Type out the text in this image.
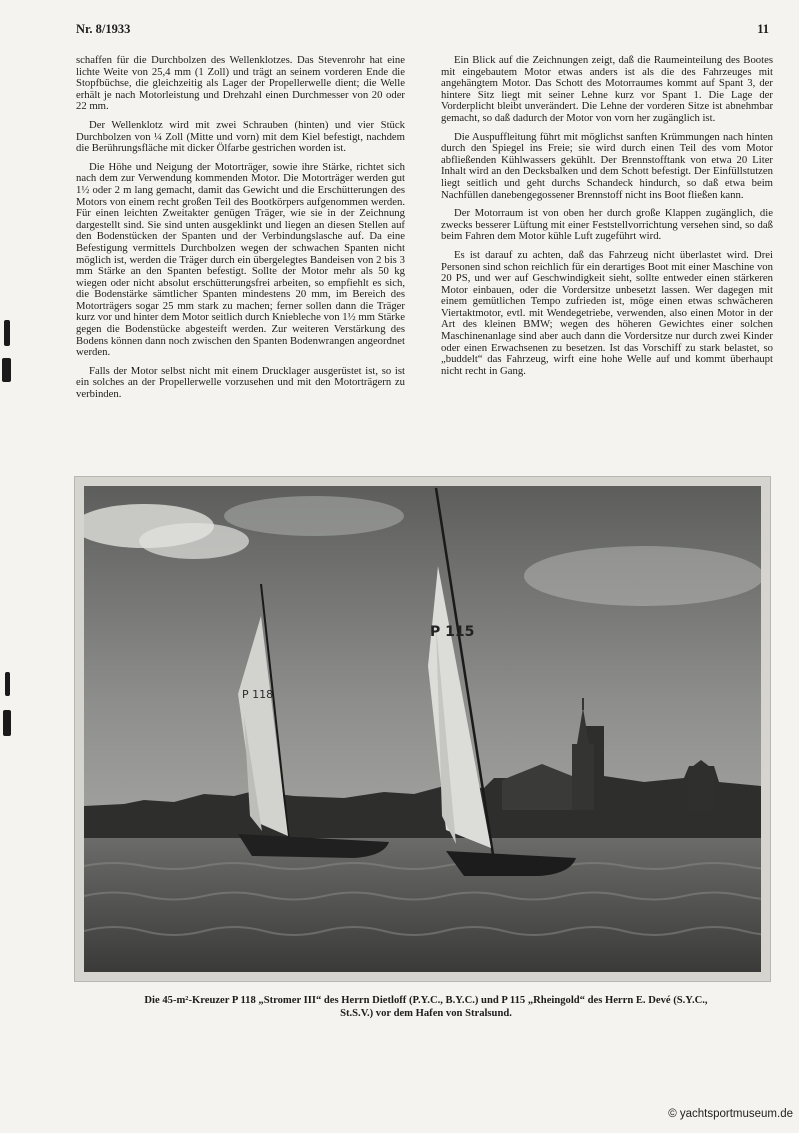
Nr. 8/1933	11

schaffen für die Durchbolzen des Wellenklotzes. Das Stevenrohr hat eine lichte Weite von 25,4 mm (1 Zoll) und trägt an seinem vorderen Ende die Stopfbüchse, die gleichzeitig als Lager der Propellerwelle dient; die Welle erhält je nach Motorleistung und Drehzahl einen Durchmesser von 20 oder 22 mm.

Der Wellenklotz wird mit zwei Schrauben (hinten) und vier Stück Durchbolzen von ¼ Zoll (Mitte und vorn) mit dem Kiel befestigt, nachdem die Berührungsfläche mit dicker Ölfarbe gestrichen worden ist.

Die Höhe und Neigung der Motorträger, sowie ihre Stärke, richtet sich nach dem zur Verwendung kommenden Motor. Die Motorträger werden gut 1½ oder 2 m lang gemacht, damit das Gewicht und die Erschütterungen des Motors von einem recht großen Teil des Bootkörpers aufgenommen werden. Für einen leichten Zweitakter genügen Träger, wie sie in der Zeichnung dargestellt sind. Sie sind unten ausgeklinkt und liegen an diesen Stellen auf den Bodenstücken der Spanten und der Verbindungslasche auf. Da eine Befestigung vermittels Durchbolzen wegen der schwachen Spanten nicht möglich ist, werden die Träger durch ein übergelegtes Bandeisen von 2 bis 3 mm Stärke an den Spanten befestigt. Sollte der Motor mehr als 50 kg wiegen oder nicht absolut erschütterungsfrei arbeiten, so empfiehlt es sich, die Bodenstärke sämtlicher Spanten mindestens 20 mm, im Bereich des Motorträgers sogar 25 mm stark zu machen; ferner sollen dann die Träger kurz vor und hinter dem Motor seitlich durch Kniebleche von 1½ mm Stärke gegen die Bodenstücke abgesteift werden. Zur weiteren Verstärkung des Bodens können dann noch zwischen den Spanten Bodenwrangen angeordnet werden.

Falls der Motor selbst nicht mit einem Drucklager ausgerüstet ist, so ist ein solches an der Propellerwelle vorzusehen und mit den Motorträgern zu verbinden.

Ein Blick auf die Zeichnungen zeigt, daß die Raumeinteilung des Bootes mit eingebautem Motor etwas anders ist als die des Fahrzeuges mit angehängtem Motor. Das Schott des Motorraumes kommt auf Spant 3, der hintere Sitz liegt mit seiner Lehne kurz vor Spant 1. Die Lage der Vorderplicht bleibt unverändert. Die Lehne der vorderen Sitze ist abnehmbar gemacht, so daß dadurch der Motor von vorn her zugänglich ist.

Die Auspuffleitung führt mit möglichst sanften Krümmungen nach hinten durch den Spiegel ins Freie; sie wird durch einen Teil des vom Motor abfließenden Kühlwassers gekühlt. Der Brennstofftank von etwa 20 Liter Inhalt wird an den Decksbalken und dem Schott befestigt. Der Einfüllstutzen liegt seitlich und geht durchs Schandeck hindurch, so daß etwa beim Nachfüllen danebengegossener Brennstoff nicht ins Boot fließen kann.

Der Motorraum ist von oben her durch große Klappen zugänglich, die zwecks besserer Lüftung mit einer Feststellvorrichtung versehen sind, so daß beim Fahren dem Motor kühle Luft zugeführt wird.

Es ist darauf zu achten, daß das Fahrzeug nicht überlastet wird. Drei Personen sind schon reichlich für ein derartiges Boot mit einer Maschine von 20 PS, und wer auf Geschwindigkeit sieht, sollte entweder einen stärkeren Motor einbauen, oder die Vordersitze unbesetzt lassen. Wer dagegen mit einem gemütlichen Tempo zufrieden ist, möge einen etwas schwächeren Viertaktmotor, evtl. mit Wendegetriebe, verwenden, also einen Motor in der Art des kleinen BMW; wegen des höheren Gewichtes einer solchen Maschinenanlage sind aber auch dann die Vordersitze nur durch zwei Kinder oder einen Erwachsenen zu besetzen. Ist das Vorschiff zu stark belastet, so „buddelt“ das Fahrzeug, wirft eine hohe Welle auf und kommt überhaupt nicht recht in Gang.

P 118
P 115
Die 45-m²-Kreuzer P 118 „Stromer III“ des Herrn Dietloff (P.Y.C., B.Y.C.) und P 115 „Rheingold“ des Herrn E. Devé (S.Y.C.,
St.S.V.) vor dem Hafen von Stralsund.
© yachtsportmuseum.de
